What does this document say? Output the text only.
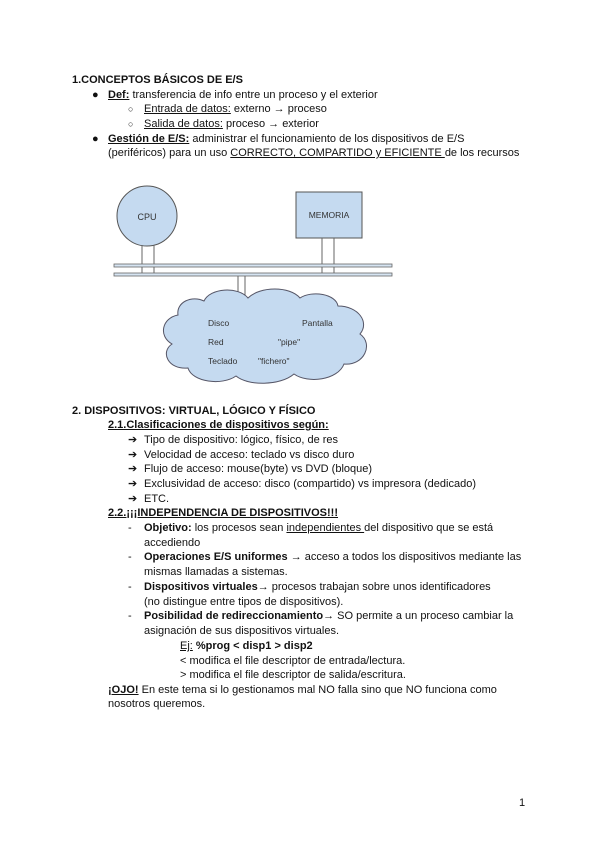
1.CONCEPTOS BÁSICOS DE E/S
● Def: transferencia de info entre un proceso y el exterior
○ Entrada de datos: externo → proceso
○ Salida de datos: proceso → exterior
● Gestión de E/S: administrar el funcionamiento de los dispositivos de E/S
(periféricos) para un uso CORRECTO, COMPARTIDO y EFICIENTE de los recursos
CPU	MEMORIA
Disco	Pantalla
Red	"pipe"
Teclado "fichero"
2. DISPOSITIVOS: VIRTUAL, LÓGICO Y FÍSICO
2.1.Clasificaciones de dispositivos según:
➔ Tipo de dispositivo: lógico, físico, de res
➔ Velocidad de acceso: teclado vs disco duro
➔ Flujo de acceso: mouse(byte) vs DVD (bloque)
➔ Exclusividad de acceso: disco (compartido) vs impresora (dedicado)
➔ ETC.
2.2.¡¡¡INDEPENDENCIA DE DISPOSITIVOS!!!
- Objetivo: los procesos sean independientes del dispositivo que se está
accediendo
- Operaciones E/S uniformes → acceso a todos los dispositivos mediante las
mismas llamadas a sistemas.
- Dispositivos virtuales→ procesos trabajan sobre unos identificadores
(no distingue entre tipos de dispositivos).
- Posibilidad de redireccionamiento→ SO permite a un proceso cambiar la
asignación de sus dispositivos virtuales.
Ej: %prog < disp1 > disp2
< modifica el file descriptor de entrada/lectura.
> modifica el file descriptor de salida/escritura.
¡OJO! En este tema si lo gestionamos mal NO falla sino que NO funciona como
nosotros queremos.
1
